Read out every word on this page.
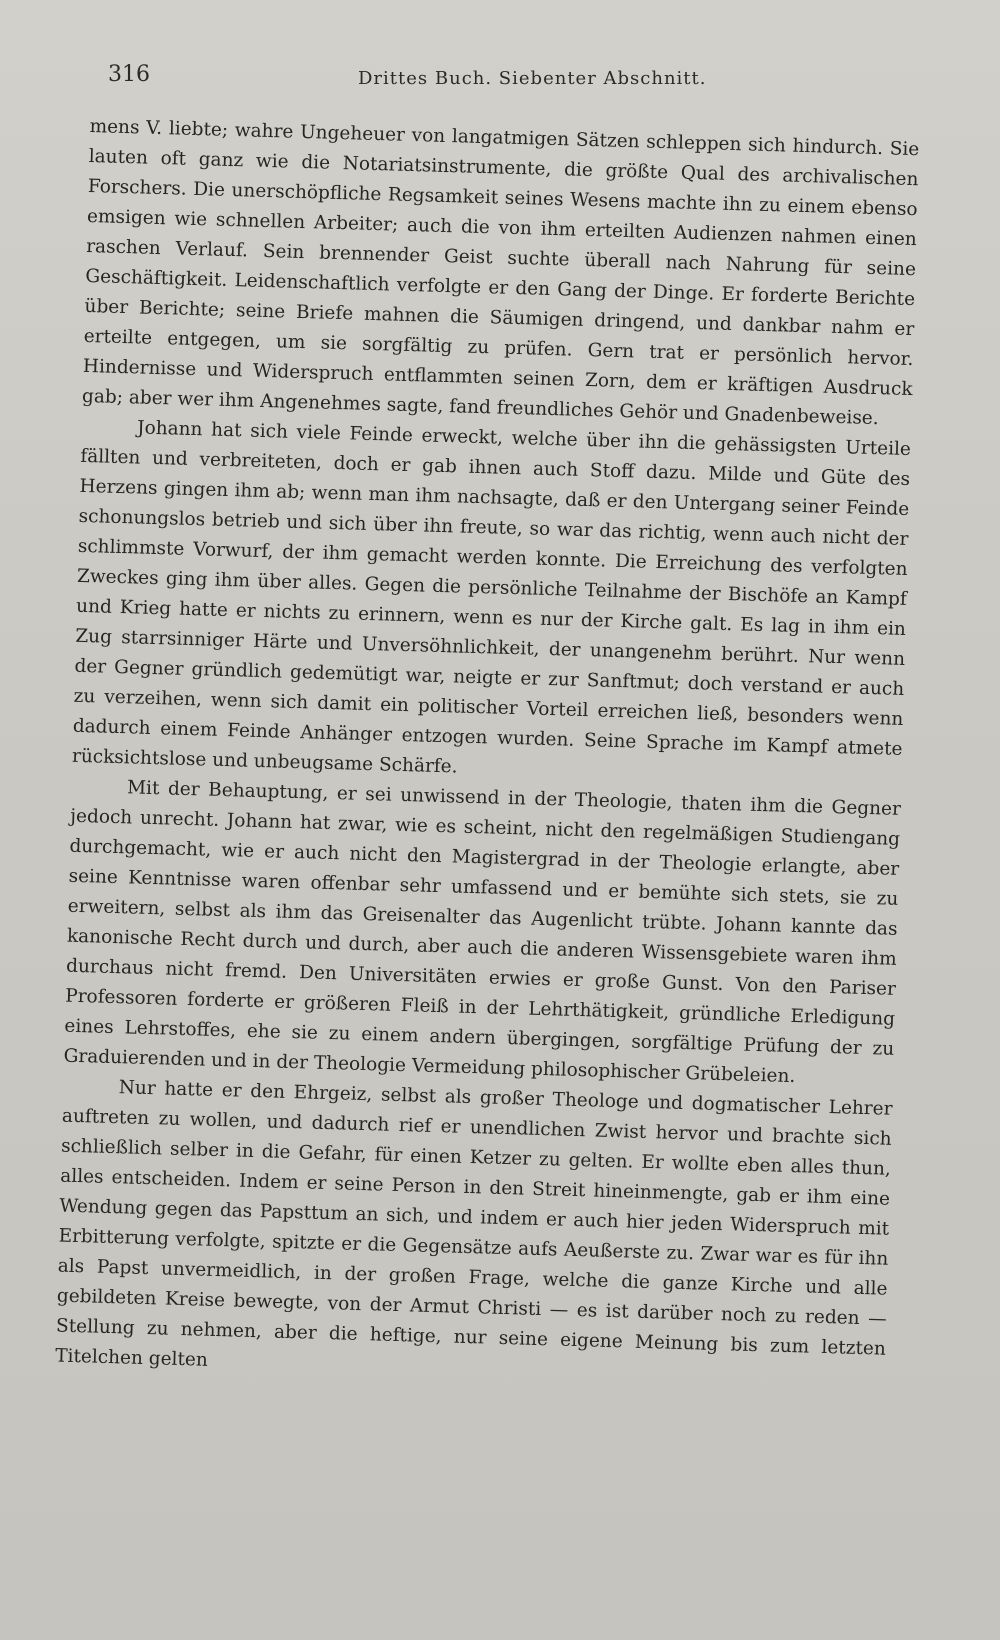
316	Drittes Buch. Siebenter Abschnitt.

mens V. liebte; wahre Ungeheuer von langatmigen Sätzen schleppen sich hindurch. Sie lauten oft ganz wie die Notariatsinstrumente, die größte Qual des archivalischen Forschers. Die unerschöpfliche Regsamkeit seines Wesens machte ihn zu einem ebenso emsigen wie schnellen Arbeiter; auch die von ihm erteilten Audienzen nahmen einen raschen Verlauf. Sein brennender Geist suchte überall nach Nahrung für seine Geschäftigkeit. Leidenschaftlich verfolgte er den Gang der Dinge. Er forderte Berichte über Berichte; seine Briefe mahnen die Säumigen dringend, und dankbar nahm er erteilte entgegen, um sie sorgfältig zu prüfen. Gern trat er persönlich hervor. Hindernisse und Widerspruch entflammten seinen Zorn, dem er kräftigen Ausdruck gab; aber wer ihm Angenehmes sagte, fand freundliches Gehör und Gnadenbeweise.

Johann hat sich viele Feinde erweckt, welche über ihn die gehässigsten Urteile fällten und verbreiteten, doch er gab ihnen auch Stoff dazu. Milde und Güte des Herzens gingen ihm ab; wenn man ihm nachsagte, daß er den Untergang seiner Feinde schonungslos betrieb und sich über ihn freute, so war das richtig, wenn auch nicht der schlimmste Vorwurf, der ihm gemacht werden konnte. Die Erreichung des verfolgten Zweckes ging ihm über alles. Gegen die persönliche Teilnahme der Bischöfe an Kampf und Krieg hatte er nichts zu erinnern, wenn es nur der Kirche galt. Es lag in ihm ein Zug starrsinniger Härte und Unversöhnlichkeit, der unangenehm berührt. Nur wenn der Gegner gründlich gedemütigt war, neigte er zur Sanftmut; doch verstand er auch zu verzeihen, wenn sich damit ein politischer Vorteil erreichen ließ, besonders wenn dadurch einem Feinde Anhänger entzogen wurden. Seine Sprache im Kampf atmete rücksichtslose und unbeugsame Schärfe.

Mit der Behauptung, er sei unwissend in der Theologie, thaten ihm die Gegner jedoch unrecht. Johann hat zwar, wie es scheint, nicht den regelmäßigen Studiengang durchgemacht, wie er auch nicht den Magistergrad in der Theologie erlangte, aber seine Kenntnisse waren offenbar sehr umfassend und er bemühte sich stets, sie zu erweitern, selbst als ihm das Greisenalter das Augenlicht trübte. Johann kannte das kanonische Recht durch und durch, aber auch die anderen Wissensgebiete waren ihm durchaus nicht fremd. Den Universitäten erwies er große Gunst. Von den Pariser Professoren forderte er größeren Fleiß in der Lehrthätigkeit, gründliche Erledigung eines Lehrstoffes, ehe sie zu einem andern übergingen, sorgfältige Prüfung der zu Graduierenden und in der Theologie Vermeidung philosophischer Grübeleien.

Nur hatte er den Ehrgeiz, selbst als großer Theologe und dogmatischer Lehrer auftreten zu wollen, und dadurch rief er unendlichen Zwist hervor und brachte sich schließlich selber in die Gefahr, für einen Ketzer zu gelten. Er wollte eben alles thun, alles entscheiden. Indem er seine Person in den Streit hineinmengte, gab er ihm eine Wendung gegen das Papsttum an sich, und indem er auch hier jeden Widerspruch mit Erbitterung verfolgte, spitzte er die Gegensätze aufs Aeußerste zu. Zwar war es für ihn als Papst unvermeidlich, in der großen Frage, welche die ganze Kirche und alle gebildeten Kreise bewegte, von der Armut Christi — es ist darüber noch zu reden — Stellung zu nehmen, aber die heftige, nur seine eigene Meinung bis zum letzten Titelchen gelten
